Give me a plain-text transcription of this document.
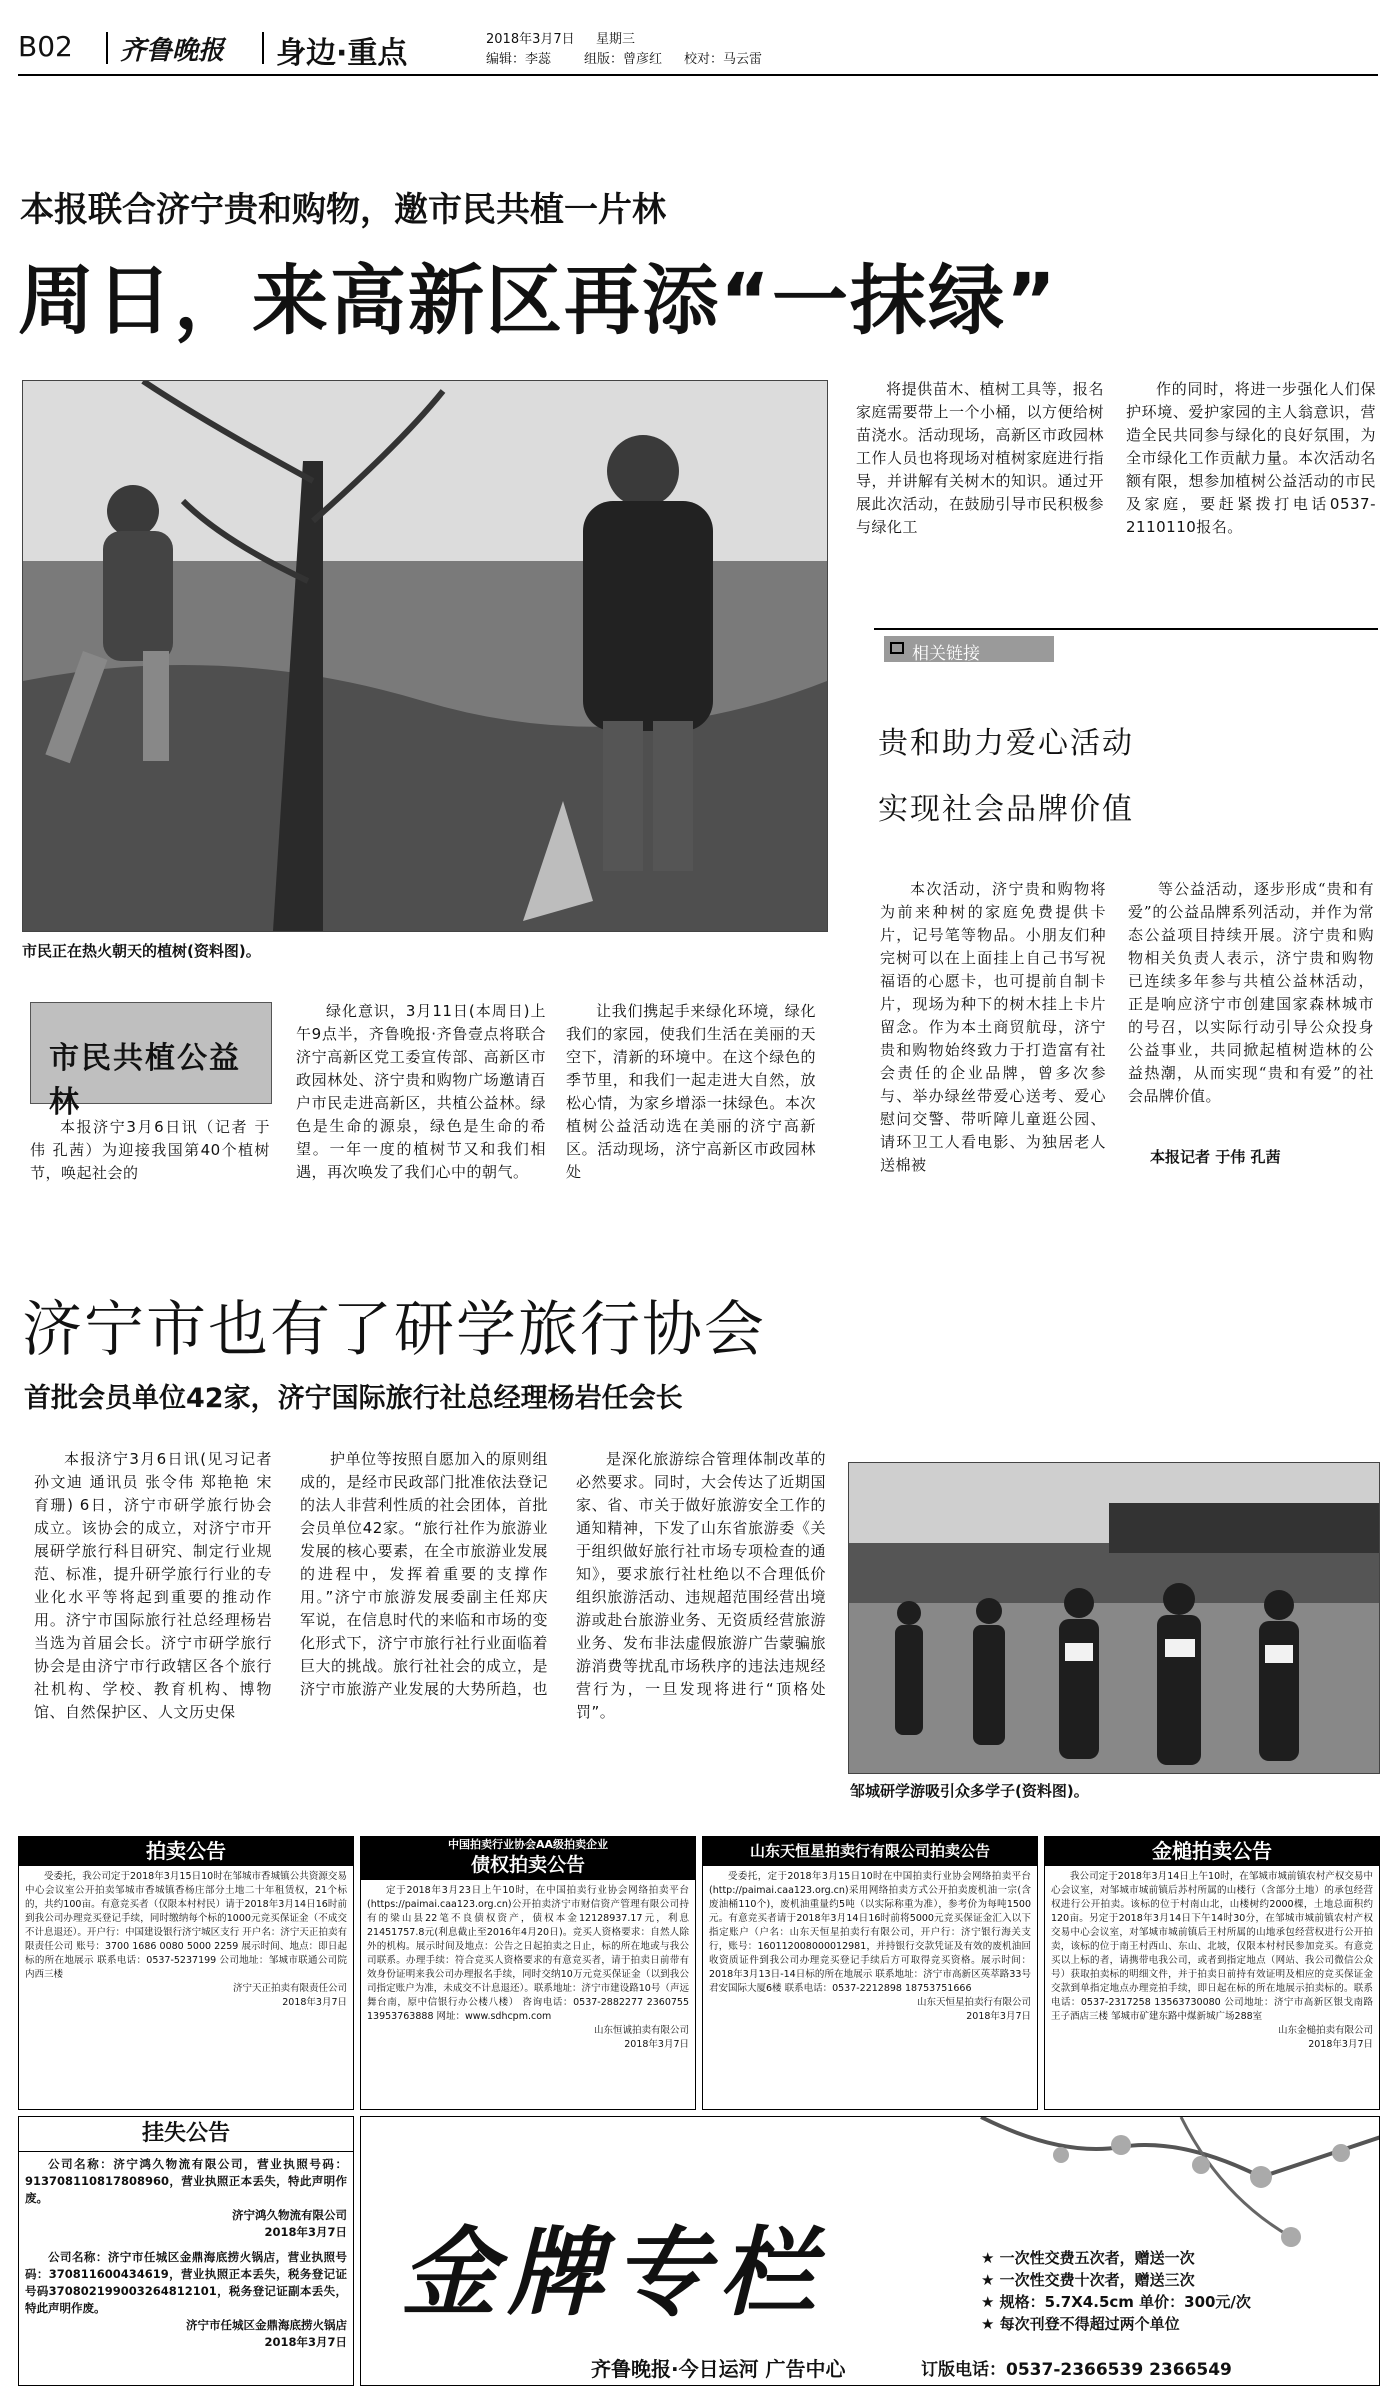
B02 齐鲁晚报 身边·重点	2018年3月7日 星期三
编辑：李蕊	组版：曾彦红 校对：马云雷
本报联合济宁贵和购物，邀市民共植一片林
周日，来高新区再添“一抹绿”
市民正在热火朝天的植树(资料图)。
市民共植公益林

本报济宁3月6日讯（记者 于伟 孔茜）为迎接我国第40个植树节，唤起社会的

绿化意识，3月11日(本周日)上午9点半，齐鲁晚报·齐鲁壹点将联合济宁高新区党工委宣传部、高新区市政园林处、济宁贵和购物广场邀请百户市民走进高新区，共植公益林。绿色是生命的源泉，绿色是生命的希望。一年一度的植树节又和我们相遇，再次唤发了我们心中的朝气。

让我们携起手来绿化环境，绿化我们的家园，使我们生活在美丽的天空下，清新的环境中。在这个绿色的季节里，和我们一起走进大自然，放松心情，为家乡增添一抹绿色。本次植树公益活动选在美丽的济宁高新区。活动现场，济宁高新区市政园林处

将提供苗木、植树工具等，报名家庭需要带上一个小桶，以方便给树苗浇水。活动现场，高新区市政园林工作人员也将现场对植树家庭进行指导，并讲解有关树木的知识。通过开展此次活动，在鼓励引导市民积极参与绿化工

作的同时，将进一步强化人们保护环境、爱护家园的主人翁意识，营造全民共同参与绿化的良好氛围，为全市绿化工作贡献力量。本次活动名额有限，想参加植树公益活动的市民及家庭，要赶紧拨打电话0537-2110110报名。

相关链接
贵和助力爱心活动
实现社会品牌价值

本次活动，济宁贵和购物将为前来种树的家庭免费提供卡片，记号笔等物品。小朋友们种完树可以在上面挂上自己书写祝福语的心愿卡，也可提前自制卡片，现场为种下的树木挂上卡片留念。作为本土商贸航母，济宁贵和购物始终致力于打造富有社会责任的企业品牌，曾多次参与、举办绿丝带爱心送考、爱心慰问交警、带听障儿童逛公园、请环卫工人看电影、为独居老人送棉被

等公益活动，逐步形成“贵和有爱”的公益品牌系列活动，并作为常态公益项目持续开展。济宁贵和购物相关负责人表示，济宁贵和购物已连续多年参与共植公益林活动，正是响应济宁市创建国家森林城市的号召，以实际行动引导公众投身公益事业，共同掀起植树造林的公益热潮，从而实现“贵和有爱”的社会品牌价值。

本报记者 于伟 孔茜
济宁市也有了研学旅行协会
首批会员单位42家，济宁国际旅行社总经理杨岩任会长

本报济宁3月6日讯(见习记者 孙文迪 通讯员 张令伟 郑艳艳 宋育珊) 6日，济宁市研学旅行协会成立。该协会的成立，对济宁市开展研学旅行科目研究、制定行业规范、标准，提升研学旅行行业的专业化水平等将起到重要的推动作用。济宁市国际旅行社总经理杨岩当选为首届会长。济宁市研学旅行协会是由济宁市行政辖区各个旅行社机构、学校、教育机构、博物馆、自然保护区、人文历史保

护单位等按照自愿加入的原则组成的，是经市民政部门批准依法登记的法人非营利性质的社会团体，首批会员单位42家。“旅行社作为旅游业发展的核心要素，在全市旅游业发展的进程中，发挥着重要的支撑作用。”济宁市旅游发展委副主任郑庆军说，在信息时代的来临和市场的变化形式下，济宁市旅行社行业面临着巨大的挑战。旅行社社会的成立，是济宁市旅游产业发展的大势所趋，也

是深化旅游综合管理体制改革的必然要求。同时，大会传达了近期国家、省、市关于做好旅游安全工作的通知精神，下发了山东省旅游委《关于组织做好旅行社市场专项检查的通知》，要求旅行社杜绝以不合理低价组织旅游活动、违规超范围经营出境游或赴台旅游业务、无资质经营旅游业务、发布非法虚假旅游广告蒙骗旅游消费等扰乱市场秩序的违法违规经营行为，一旦发现将进行“顶格处罚”。

邹城研学游吸引众多学子(资料图)。
拍卖公告
受委托，我公司定于2018年3月15日10时在邹城市香城镇公共资源交易中心会议室公开拍卖邹城市香城镇香杨庄部分土地二十年租赁权，21个标的，共约100亩。有意竞买者（仅限本村村民）请于2018年3月14日16时前到我公司办理竞买登记手续，同时缴纳每个标的1000元竞买保证金（不成交不计息退还）。开户行：中国建设银行济宁城区支行 开户名：济宁天正拍卖有限责任公司 账号：3700 1686 0080 5000 2259 展示时间、地点：即日起标的所在地展示 联系电话：0537-5237199 公司地址：邹城市联通公司院内西三楼
济宁天正拍卖有限责任公司
2018年3月7日
中国拍卖行业协会AA级拍卖企业
债权拍卖公告
定于2018年3月23日上午10时，在中国拍卖行业协会网络拍卖平台(https://paimai.caa123.org.cn)公开拍卖济宁市财信资产管理有限公司持有的梁山县22笔不良债权资产，债权本金12128937.17元，利息21451757.8元(利息截止至2016年4月20日)。竞买人资格要求：自然人除外的机构。展示时间及地点：公告之日起拍卖之日止，标的所在地或与我公司联系。办理手续：符合竞买人资格要求的有意竞买者，请于拍卖日前带有效身份证明来我公司办理报名手续，同时交纳10万元竞买保证金（以到我公司指定账户为准，未成交不计息退还）。联系地址：济宁市建设路10号（声远舞台南，原中信银行办公楼八楼） 咨询电话：0537-2882277 2360755 13953763888 网址：www.sdhcpm.com
山东恒诚拍卖有限公司
2018年3月7日
山东天恒星拍卖行有限公司拍卖公告
受委托，定于2018年3月15日10时在中国拍卖行业协会网络拍卖平台(http://paimai.caa123.org.cn)采用网络拍卖方式公开拍卖废机油一宗(含废油桶110个)，废机油重量约5吨（以实际称重为准），参考价为每吨1500元。有意竞买者请于2018年3月14日16时前将5000元竞买保证金汇入以下指定账户（户名：山东天恒星拍卖行有限公司，开户行：济宁银行海关支行，账号：160112008000012981，并持银行交款凭证及有效的废机油回收资质证件到我公司办理竞买登记手续后方可取得竞买资格。展示时间：2018年3月13日-14日标的所在地展示 联系地址：济宁市高新区英萃路33号君安国际大厦6楼 联系电话：0537-2212898 18753751666
山东天恒星拍卖行有限公司
2018年3月7日
金槌拍卖公告
我公司定于2018年3月14日上午10时，在邹城市城前镇农村产权交易中心会议室，对邹城市城前镇后苏村所属的山楼行（含部分土地）的承包经营权进行公开拍卖。该标的位于村南山北，山楼树约2000棵，土地总面积约120亩。另定于2018年3月14日下午14时30分，在邹城市城前镇农村产权交易中心会议室，对邹城市城前镇后王村所属的山地承包经营权进行公开拍卖，该标的位于南王村西山、东山、北坡，仅限本村村民参加竞买。有意竞买以上标的者，请携带电我公司，或者到指定地点（网站、我公司微信公众号）获取拍卖标的明细文件，并于拍卖日前持有效证明及相应的竞买保证金交款到单指定地点办理竞拍手续，即日起在标的所在地展示拍卖标的。联系电话：0537-2317258 13563730080 公司地址：济宁市高新区银戈南路王子酒店三楼 邹城市矿建东路中煤新城广场288室
山东金槌拍卖有限公司
2018年3月7日
挂失公告
公司名称：济宁鸿久物流有限公司，营业执照号码：913708110817808960，营业执照正本丢失，特此声明作废。
济宁鸿久物流有限公司
2018年3月7日
公司名称：济宁市任城区金鼎海底捞火锅店，营业执照号码：370811600434619，营业执照正本丢失，税务登记证号码370802199003264812101，税务登记证副本丢失，特此声明作废。
济宁市任城区金鼎海底捞火锅店
2018年3月7日
金牌专栏	★ 一次性交费五次者，赠送一次
★ 一次性交费十次者，赠送三次
★ 规格：5.7X4.5cm 单价：300元/次
★ 每次刊登不得超过两个单位
齐鲁晚报·今日运河 广告中心	订版电话：0537-2366539 2366549
